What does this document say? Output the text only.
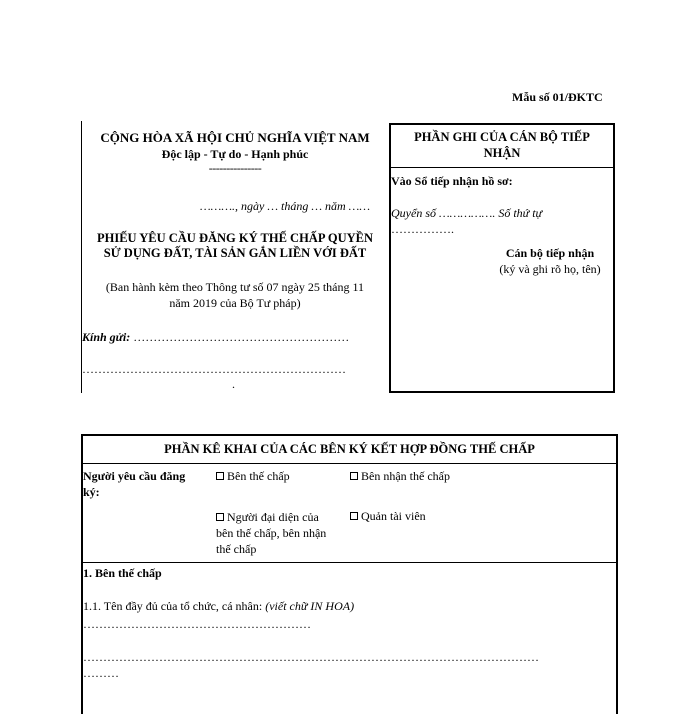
Mẫu số 01/ĐKTC
CỘNG HÒA XÃ HỘI CHỦ NGHĨA VIỆT NAM
Độc lập - Tự do - Hạnh phúc
---------------
………., ngày … tháng … năm ……
PHIẾU YÊU CẦU ĐĂNG KÝ THẾ CHẤP QUYỀN
SỬ DỤNG ĐẤT, TÀI SẢN GẮN LIỀN VỚI ĐẤT
(Ban hành kèm theo Thông tư số 07 ngày 25 tháng 11
năm 2019 của Bộ Tư pháp)
Kính gửi: ………………………………………………
…………………………………………………………
.
PHẦN GHI CỦA CÁN BỘ TIẾP
NHẬN
Vào Sổ tiếp nhận hồ sơ:
Quyển số ……………. Số thứ tự
…………….
Cán bộ tiếp nhận
(ký và ghi rõ họ, tên)
PHẦN KÊ KHAI CỦA CÁC BÊN KÝ KẾT HỢP ĐỒNG THẾ CHẤP
Người yêu cầu đăng
ký:
Bên thế chấp	Bên nhận thế chấp
Người đại diện của
bên thế chấp, bên nhận
thế chấp
Quản tài viên
1. Bên thế chấp
1.1. Tên đầy đủ của tổ chức, cá nhân: (viết chữ IN HOA)
…………………………………………………
……………………………………………………………………………………………………
………
